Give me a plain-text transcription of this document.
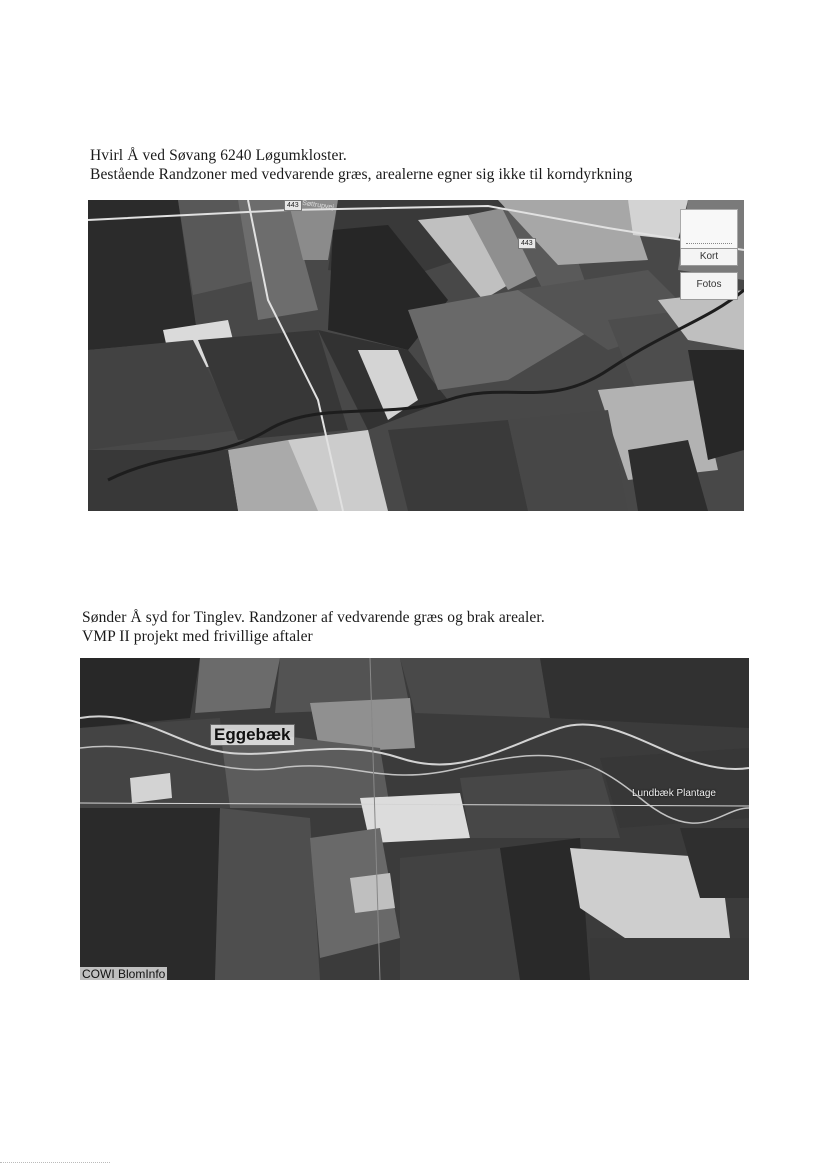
Hvirl Å ved Søvang 6240 Løgumkloster.
Bestående Randzoner med vedvarende græs, arealerne egner sig ikke til korndyrkning
443 Søttrupvej
443
Kort
Fotos
Sønder Å syd for Tinglev. Randzoner af vedvarende græs og brak arealer.
VMP II projekt med frivillige aftaler
Eggebæk
Lundbæk Plantage
COWI BlomInfo
